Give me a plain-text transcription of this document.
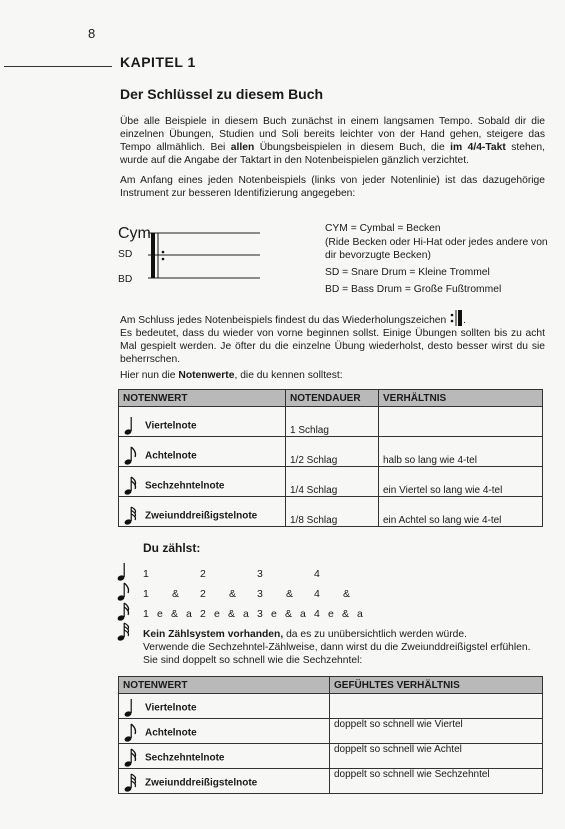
8
KAPITEL 1
Der Schlüssel zu diesem Buch
Übe alle Beispiele in diesem Buch zunächst in einem langsamen Tempo. Sobald dir die einzelnen Übungen, Studien und Soli bereits leichter von der Hand gehen, steigere das Tempo allmählich. Bei allen Übungsbeispielen in diesem Buch, die im 4/4-Takt stehen, wurde auf die Angabe der Taktart in den Notenbeispielen gänzlich verzichtet.
Am Anfang eines jeden Notenbeispiels (links von jeder Notenlinie) ist das dazugehörige Instrument zur besseren Identifizierung angegeben:
Cym
SD
BD
CYM = Cymbal = Becken
(Ride Becken oder Hi-Hat oder jedes andere von dir bevorzugte Becken)
SD = Snare Drum = Kleine Trommel
BD = Bass Drum = Große Fußtrommel
Am Schluss jedes Notenbeispiels findest du das Wiederholungszeichen .
Es bedeutet, dass du wieder von vorne beginnen sollst. Einige Übungen sollten bis zu acht Mal gespielt werden. Je öfter du die einzelne Übung wiederholst, desto besser wirst du sie beherrschen.
Hier nun die Notenwerte, die du kennen solltest:
NOTENWERT	NOTENDAUER	VERHÄLTNIS
Viertelnote	1 Schlag	
Achtelnote	1/2 Schlag	halb so lang wie 4-tel
Sechzehntelnote	1/4 Schlag	ein Viertel so lang wie 4-tel
Zweiunddreißigstelnote	1/8 Schlag	ein Achtel so lang wie 4-tel
Du zählst:
1	2	3	4
1 & 2 & 3 & 4 &
1 e & a 2 e & a 3 e & a 4 e & a
Kein Zählsystem vorhanden, da es zu unübersichtlich werden würde.
Verwende die Sechzehntel-Zählweise, dann wirst du die Zweiunddreißigstel erfühlen. Sie sind doppelt so schnell wie die Sechzehntel:
NOTENWERT	GEFÜHLTES VERHÄLTNIS
Viertelnote	
Achtelnote	doppelt so schnell wie Viertel
Sechzehntelnote	doppelt so schnell wie Achtel
Zweiunddreißigstelnote	doppelt so schnell wie Sechzehntel
